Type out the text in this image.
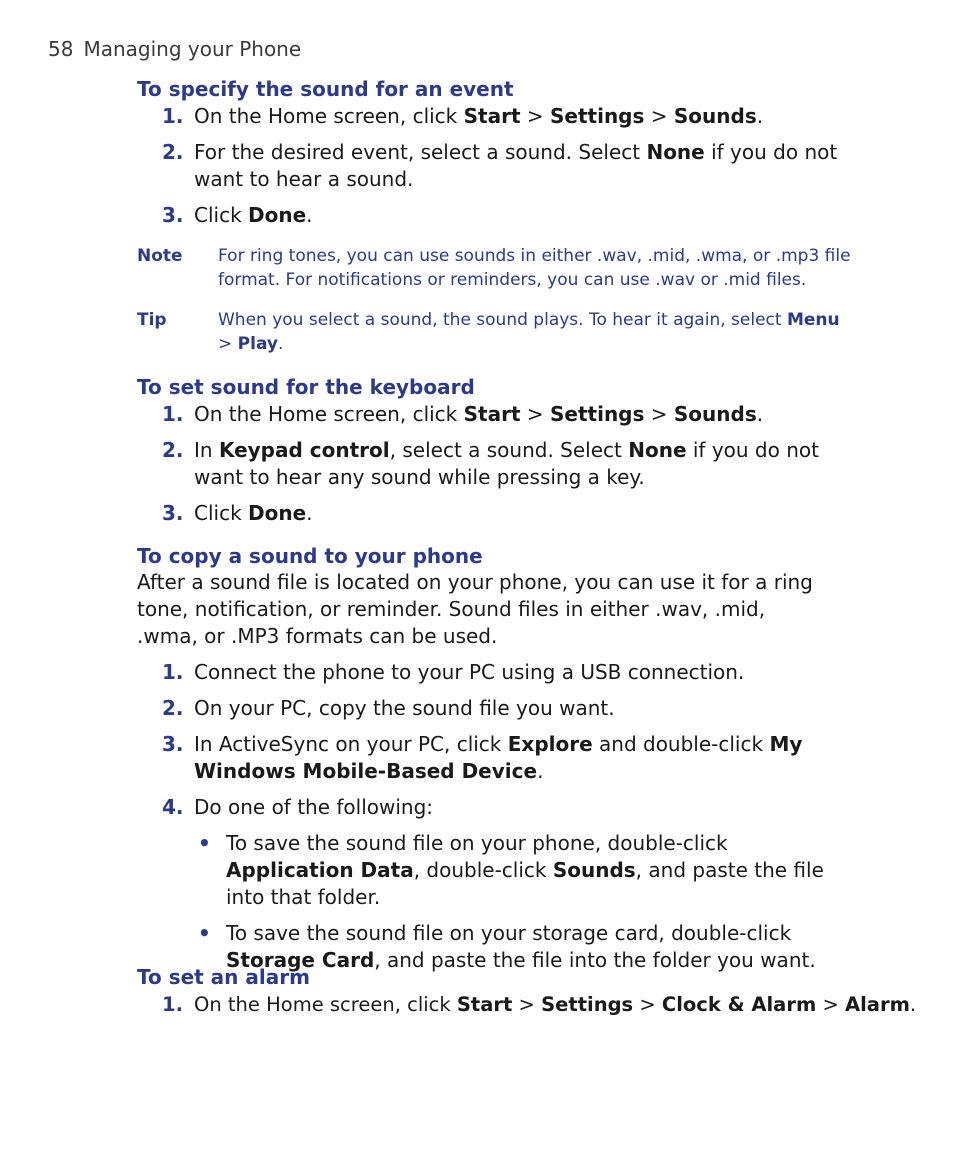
58 Managing your Phone
To specify the sound for an event
1. On the Home screen, click Start > Settings > Sounds.
2. For the desired event, select a sound. Select None if you do not want to hear a sound.
3. Click Done.
Note For ring tones, you can use sounds in either .wav, .mid, .wma, or .mp3 file format. For notifications or reminders, you can use .wav or .mid files.
Tip	When you select a sound, the sound plays. To hear it again, select Menu > Play.
To set sound for the keyboard
1. On the Home screen, click Start > Settings > Sounds.
2. In Keypad control, select a sound. Select None if you do not want to hear any sound while pressing a key.
3. Click Done.
To copy a sound to your phone

After a sound file is located on your phone, you can use it for a ring tone, notification, or reminder. Sound files in either .wav, .mid, .wma, or .MP3 formats can be used.

1. Connect the phone to your PC using a USB connection.
2. On your PC, copy the sound file you want.
3. In ActiveSync on your PC, click Explore and double-click My Windows Mobile-Based Device.
4. Do one of the following:
• To save the sound file on your phone, double-click Application Data, double-click Sounds, and paste the file into that folder.
• To save the sound file on your storage card, double-click Storage Card, and paste the file into the folder you want.
To set an alarm
1. On the Home screen, click Start > Settings > Clock & Alarm > Alarm.
